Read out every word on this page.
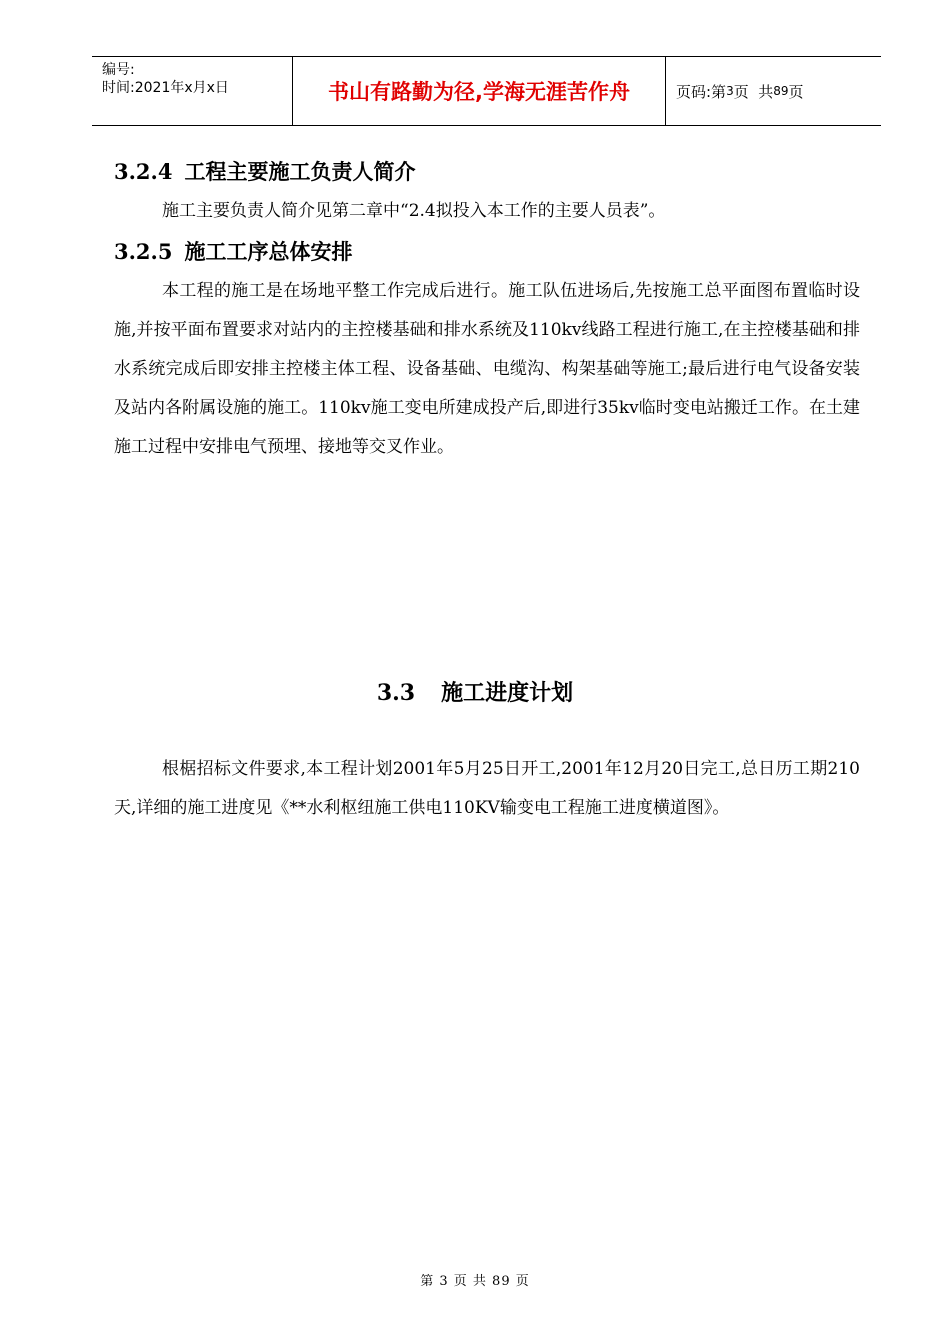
编号:
时间:2021年x月x日	书山有路勤为径,学海无涯苦作舟	页码:第 3 页  共 89 页
3.2.4 工程主要施工负责人简介

施工主要负责人简介见第二章中“2.4拟投入本工作的主要人员表”。

3.2.5 施工工序总体安排

本工程的施工是在场地平整工作完成后进行。施工队伍进场后,先按施工总平面图布置临时设施,并按平面布置要求对站内的主控楼基础和排水系统及110kv线路工程进行施工,在主控楼基础和排水系统完成后即安排主控楼主体工程、设备基础、电缆沟、构架基础等施工;最后进行电气设备安装及站内各附属设施的施工。110kv施工变电所建成投产后,即进行35kv临时变电站搬迁工作。在土建施工过程中安排电气预埋、接地等交叉作业。

3.3 施工进度计划

根椐招标文件要求,本工程计划2001年5月25日开工,2001年12月20日完工,总日历工期210天,详细的施工进度见《**水利枢纽施工供电110KV输变电工程施工进度横道图》。

第 3 页 共 89 页
